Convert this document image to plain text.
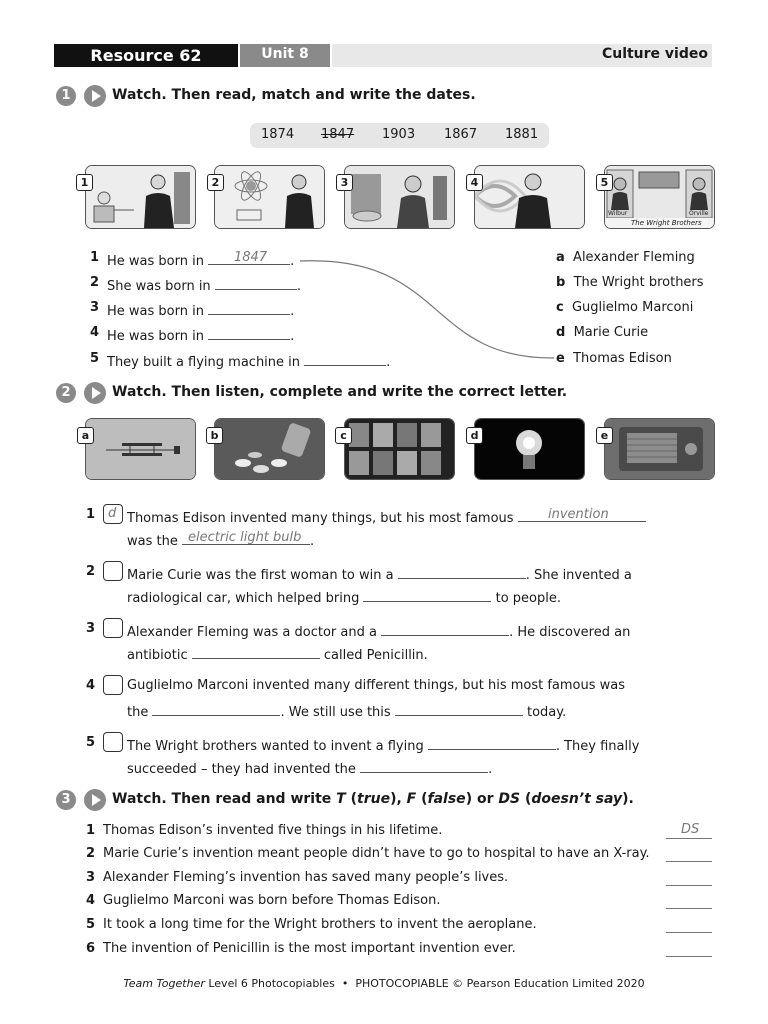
Resource 62	Unit 8	Culture video
1	Watch. Then read, match and write the dates.
1874 1847 1903 1867 1881
1	2	3	4	5
Wilbur	Orville
The Wright Brothers
1 He was born in	.
1847
2 She was born in	.
3 He was born in	.
4 He was born in	.
5 They built a flying machine in	.
a Alexander Fleming
b The Wright brothers
c Guglielmo Marconi
d Marie Curie
e Thomas Edison
2	Watch. Then listen, complete and write the correct letter.
a	b	c	d	e
1 d Thomas Edison invented many things, but his most famous	invention
was the	.
electric light bulb
2 Marie Curie was the first woman to win a	. She invented a
radiological car, which helped bring	to people.
3 Alexander Fleming was a doctor and a	. He discovered an
antibiotic	called Penicillin.
4 Guglielmo Marconi invented many different things, but his most famous was
the	. We still use this	today.
5 The Wright brothers wanted to invent a flying	. They finally
succeeded – they had invented the	.
3	Watch. Then read and write T (true), F (false) or DS (doesn’t say).
1 Thomas Edison’s invented five things in his lifetime.	DS
2 Marie Curie’s invention meant people didn’t have to go to hospital to have an X-ray.
3 Alexander Fleming’s invention has saved many people’s lives.
4 Guglielmo Marconi was born before Thomas Edison.
5 It took a long time for the Wright brothers to invent the aeroplane.
6 The invention of Penicillin is the most important invention ever.
Team Together Level 6 Photocopiables • PHOTOCOPIABLE © Pearson Education Limited 2020
